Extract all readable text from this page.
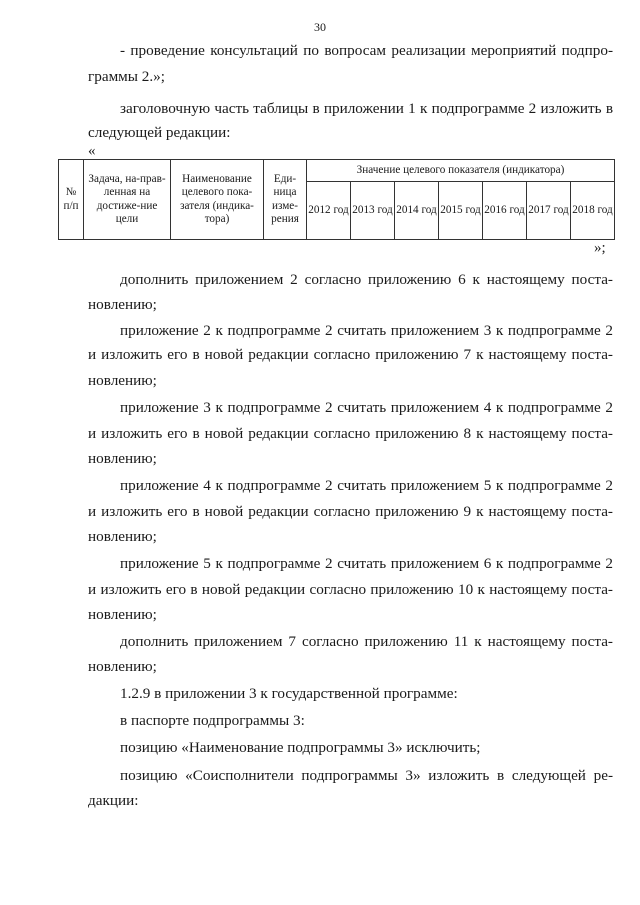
30
- проведение консультаций по вопросам реализации мероприятий подпро-
граммы 2.»;
заголовочную часть таблицы в приложении 1 к подпрограмме 2 изложить в
следующей редакции:
«
№ п/п	Задача, на-прав-ленная на достиже-ние цели	Наименование целевого пока-зателя (индика-тора)	Еди-ница изме-рения	Значение целевого показателя (индикатора)						
				2012 год	2013 год	2014 год	2015 год	2016 год	2017 год	2018 год
»;
дополнить приложением 2 согласно приложению 6 к настоящему поста-
новлению;
приложение 2 к подпрограмме 2 считать приложением 3 к подпрограмме 2
и изложить его в новой редакции согласно приложению 7 к настоящему поста-
новлению;
приложение 3 к подпрограмме 2 считать приложением 4 к подпрограмме 2
и изложить его в новой редакции согласно приложению 8 к настоящему поста-
новлению;
приложение 4 к подпрограмме 2 считать приложением 5 к подпрограмме 2
и изложить его в новой редакции согласно приложению 9 к настоящему поста-
новлению;
приложение 5 к подпрограмме 2 считать приложением 6 к подпрограмме 2
и изложить его в новой редакции согласно приложению 10 к настоящему поста-
новлению;
дополнить приложением 7 согласно приложению 11 к настоящему поста-
новлению;
1.2.9 в приложении 3 к государственной программе:
в паспорте подпрограммы 3:
позицию «Наименование подпрограммы 3» исключить;
позицию «Соисполнители подпрограммы 3» изложить в следующей ре-
дакции:
